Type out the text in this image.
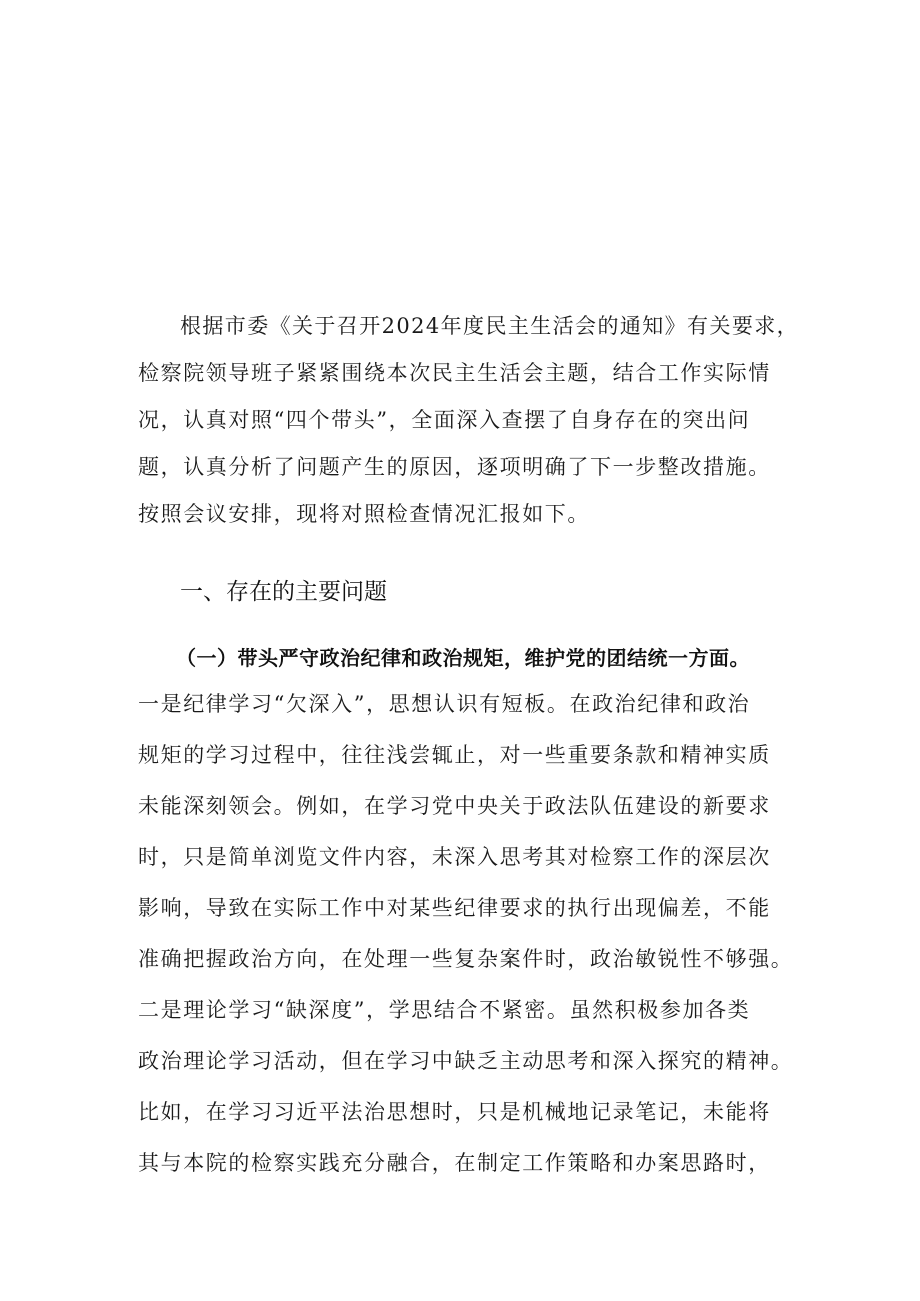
根据市委《关于召开2024年度民主生活会的通知》有关要求，
检察院领导班子紧紧围绕本次民主生活会主题，结合工作实际情
况，认真对照“四个带头”，全面深入查摆了自身存在的突出问
题，认真分析了问题产生的原因，逐项明确了下一步整改措施。
按照会议安排，现将对照检查情况汇报如下。
一、存在的主要问题
（一）带头严守政治纪律和政治规矩，维护党的团结统一方面。
一是纪律学习“欠深入”，思想认识有短板。在政治纪律和政治
规矩的学习过程中，往往浅尝辄止，对一些重要条款和精神实质
未能深刻领会。例如，在学习党中央关于政法队伍建设的新要求
时，只是简单浏览文件内容，未深入思考其对检察工作的深层次
影响，导致在实际工作中对某些纪律要求的执行出现偏差，不能
准确把握政治方向，在处理一些复杂案件时，政治敏锐性不够强。
二是理论学习“缺深度”，学思结合不紧密。虽然积极参加各类
政治理论学习活动，但在学习中缺乏主动思考和深入探究的精神。
比如，在学习习近平法治思想时，只是机械地记录笔记，未能将
其与本院的检察实践充分融合，在制定工作策略和办案思路时，
